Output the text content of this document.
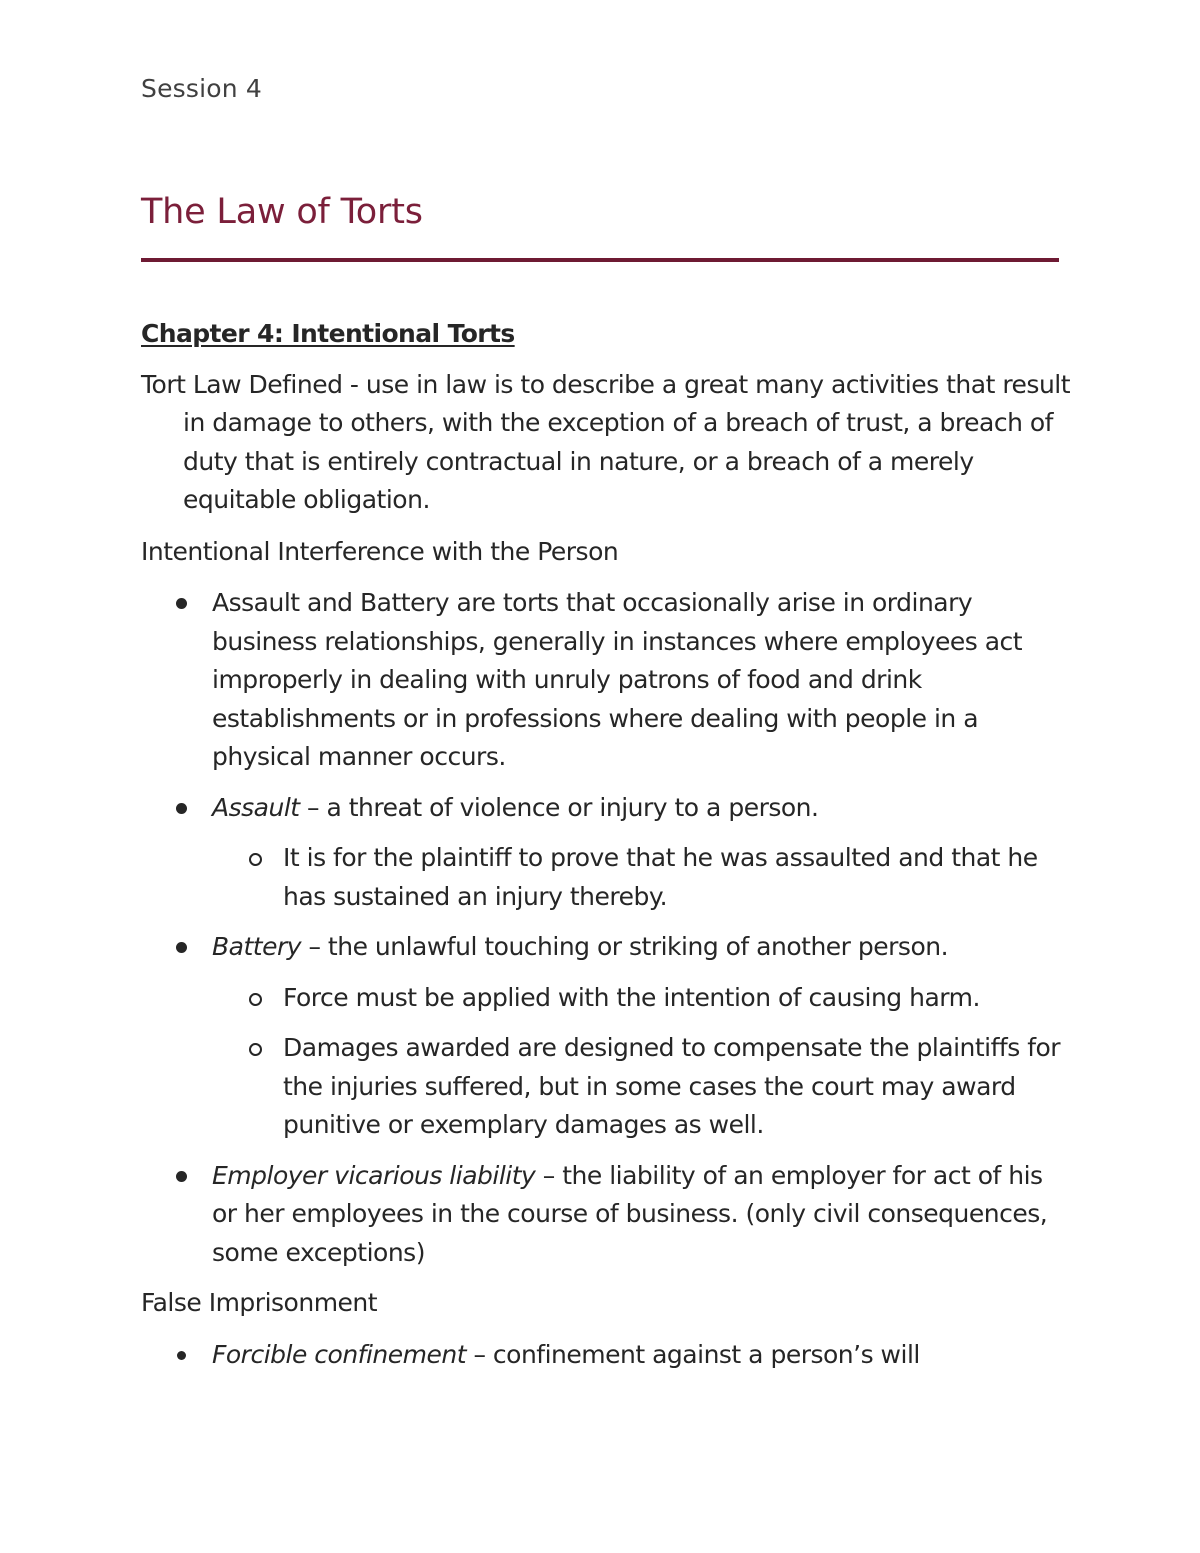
Session 4
The Law of Torts

Chapter 4: Intentional Torts

Tort Law Defined - use in law is to describe a great many activities that result in damage to others, with the exception of a breach of trust, a breach of duty that is entirely contractual in nature, or a breach of a merely equitable obligation.

Intentional Interference with the Person

Assault and Battery are torts that occasionally arise in ordinary business relationships, generally in instances where employees act improperly in dealing with unruly patrons of food and drink establishments or in professions where dealing with people in a physical manner occurs.
Assault – a threat of violence or injury to a person.
It is for the plaintiff to prove that he was assaulted and that he has sustained an injury thereby.
Battery – the unlawful touching or striking of another person.
Force must be applied with the intention of causing harm.
Damages awarded are designed to compensate the plaintiffs for the injuries suffered, but in some cases the court may award punitive or exemplary damages as well.
Employer vicarious liability – the liability of an employer for act of his or her employees in the course of business. (only civil consequences, some exceptions)

False Imprisonment

Forcible confinement – confinement against a person’s will
